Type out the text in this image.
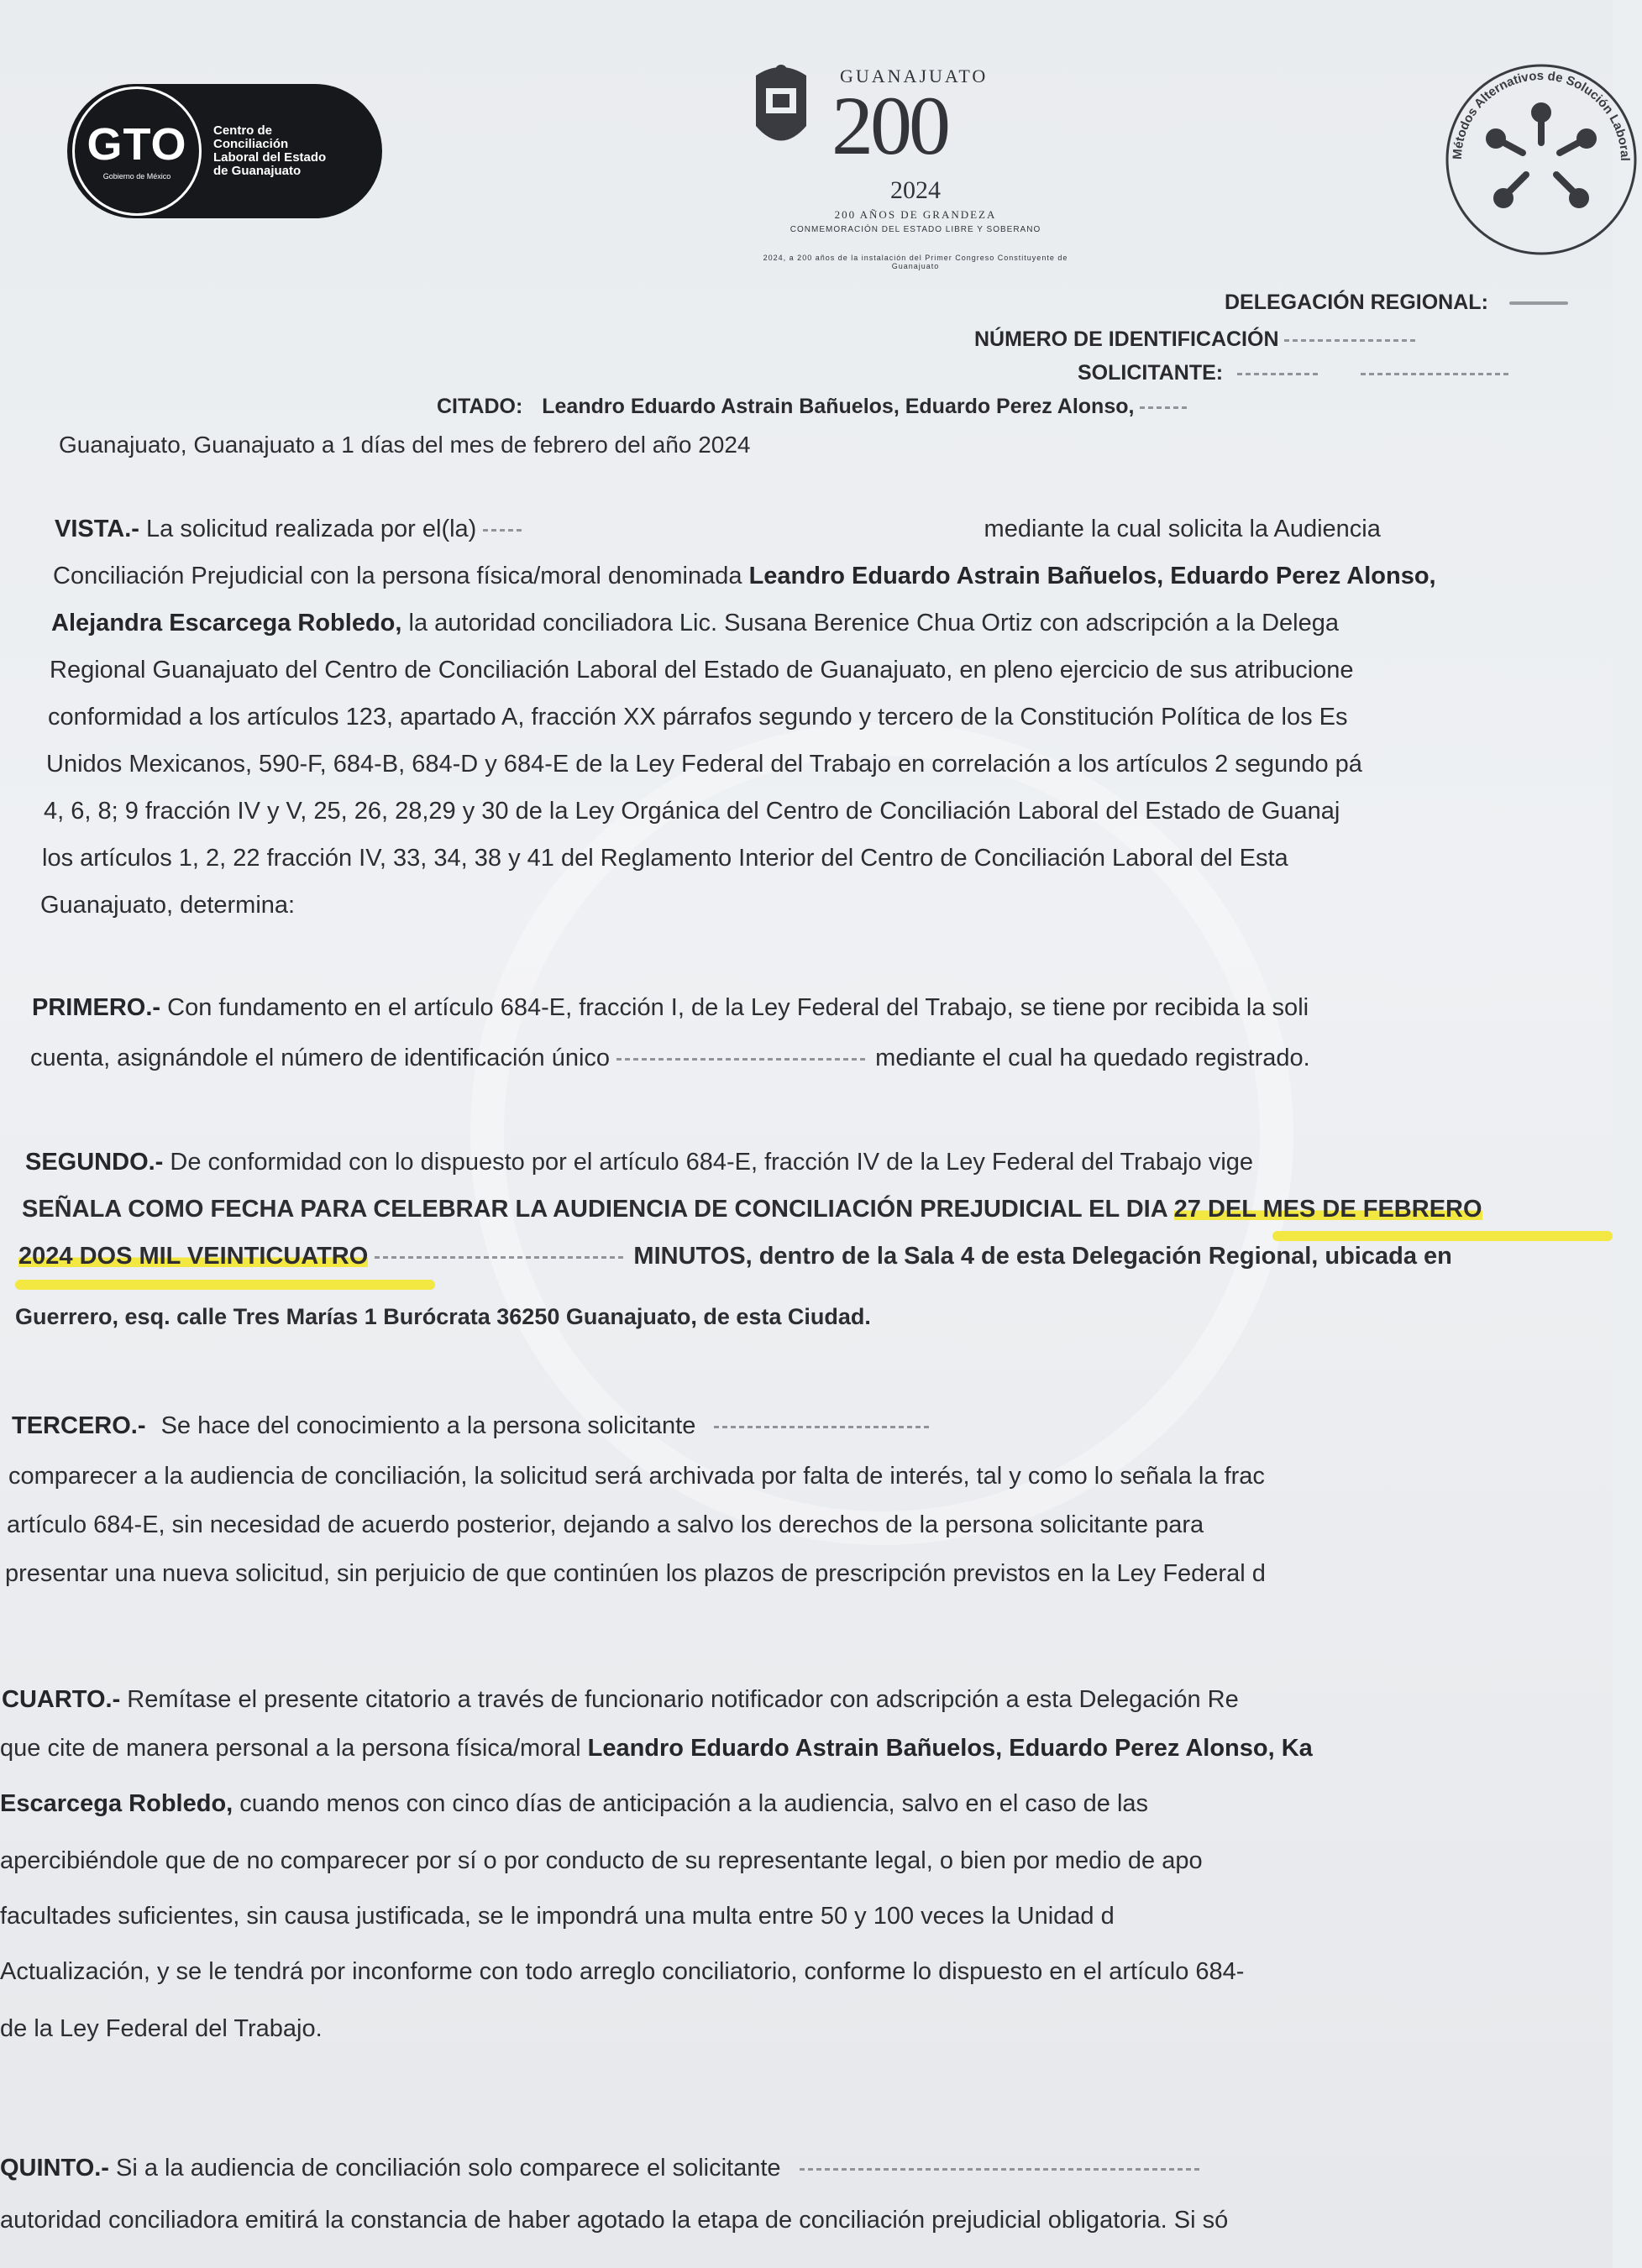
GTO
Gobierno de México
Centro de Conciliación Laboral del Estado de Guanajuato
GUANAJUATO
200
2024
200 AÑOS DE GRANDEZA
CONMEMORACIÓN DEL ESTADO LIBRE Y SOBERANO
2024, a 200 años de la instalación del Primer Congreso Constituyente de Guanajuato
Métodos Alternativos de Solución Laboral
DELEGACIÓN REGIONAL:
NÚMERO DE IDENTIFICACIÓN
SOLICITANTE:
CITADO: Leandro Eduardo Astrain Bañuelos, Eduardo Perez Alonso,
Guanajuato, Guanajuato a 1 días del mes de febrero del año 2024
VISTA.- La solicitud realizada por el(la)	mediante la cual solicita la Audiencia
Conciliación Prejudicial con la persona física/moral denominada Leandro Eduardo Astrain Bañuelos, Eduardo Perez Alonso,
Alejandra Escarcega Robledo, la autoridad conciliadora Lic. Susana Berenice Chua Ortiz con adscripción a la Delega
Regional Guanajuato del Centro de Conciliación Laboral del Estado de Guanajuato, en pleno ejercicio de sus atribucione
conformidad a los artículos 123, apartado A, fracción XX párrafos segundo y tercero de la Constitución Política de los Es
Unidos Mexicanos, 590-F, 684-B, 684-D y 684-E de la Ley Federal del Trabajo en correlación a los artículos 2 segundo pá
4, 6, 8; 9 fracción IV y V, 25, 26, 28,29 y 30 de la Ley Orgánica del Centro de Conciliación Laboral del Estado de Guanaj
los artículos 1, 2, 22 fracción IV, 33, 34, 38 y 41 del Reglamento Interior del Centro de Conciliación Laboral del Esta
Guanajuato, determina:
PRIMERO.- Con fundamento en el artículo 684-E, fracción I, de la Ley Federal del Trabajo, se tiene por recibida la soli
cuenta, asignándole el número de identificación único	mediante el cual ha quedado registrado.
SEGUNDO.- De conformidad con lo dispuesto por el artículo 684-E, fracción IV de la Ley Federal del Trabajo vige
SEÑALA COMO FECHA PARA CELEBRAR LA AUDIENCIA DE CONCILIACIÓN PREJUDICIAL EL DIA 27 DEL MES DE FEBRERO
2024 DOS MIL VEINTICUATRO	MINUTOS, dentro de la Sala 4 de esta Delegación Regional, ubicada en
Guerrero, esq. calle Tres Marías 1 Burócrata 36250 Guanajuato, de esta Ciudad.
TERCERO.- Se hace del conocimiento a la persona solicitante
comparecer a la audiencia de conciliación, la solicitud será archivada por falta de interés, tal y como lo señala la frac
artículo 684-E, sin necesidad de acuerdo posterior, dejando a salvo los derechos de la persona solicitante para
presentar una nueva solicitud, sin perjuicio de que continúen los plazos de prescripción previstos en la Ley Federal d
CUARTO.- Remítase el presente citatorio a través de funcionario notificador con adscripción a esta Delegación Re
que cite de manera personal a la persona física/moral Leandro Eduardo Astrain Bañuelos, Eduardo Perez Alonso, Ka
Escarcega Robledo, cuando menos con cinco días de anticipación a la audiencia, salvo en el caso de las
apercibiéndole que de no comparecer por sí o por conducto de su representante legal, o bien por medio de apo
facultades suficientes, sin causa justificada, se le impondrá una multa entre 50 y 100 veces la Unidad d
Actualización, y se le tendrá por inconforme con todo arreglo conciliatorio, conforme lo dispuesto en el artículo 684-
de la Ley Federal del Trabajo.
QUINTO.- Si a la audiencia de conciliación solo comparece el solicitante
autoridad conciliadora emitirá la constancia de haber agotado la etapa de conciliación prejudicial obligatoria. Si só
